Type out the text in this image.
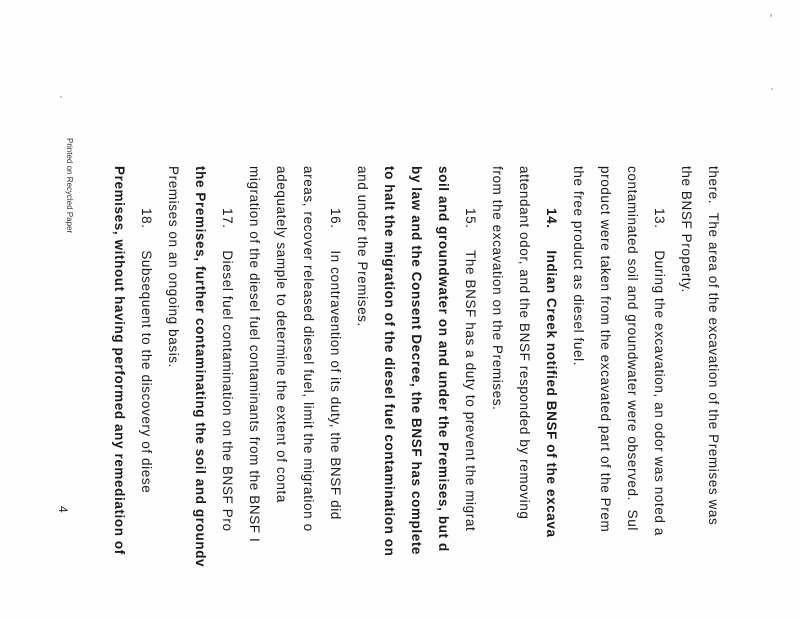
there.  The area of the excavation of the Premises was
the BNSF Property.
13.     During the excavation, an odor was noted a
contaminated soil and groundwater were observed.  Sul
product were taken from the excavated part of the Prem
the free product as diesel fuel.
14.     Indian Creek notified BNSF of the excava
attendant odor, and the BNSF responded by removing
from the excavation on the Premises.
15.     The BNSF has a duty to prevent the migrat
soil and groundwater on and under the Premises, but d
by law and the Consent Decree, the BNSF has complete
to halt the migration of the diesel fuel contamination on
and under the Premises.
16.     In contravention of its duty, the BNSF did
areas, recover released diesel fuel, limit the migration o
adequately sample to determine the extent of conta
migration of the diesel fuel contaminants from the BNSF I
17.     Diesel fuel contamination on the BNSF Pro
the Premises, further contaminating the soil and groundv
Premises on an ongoing basis.
18.     Subsequent to the discovery of diese
Premises, without having performed any remediation of
Printed on Recycled Paper
4
